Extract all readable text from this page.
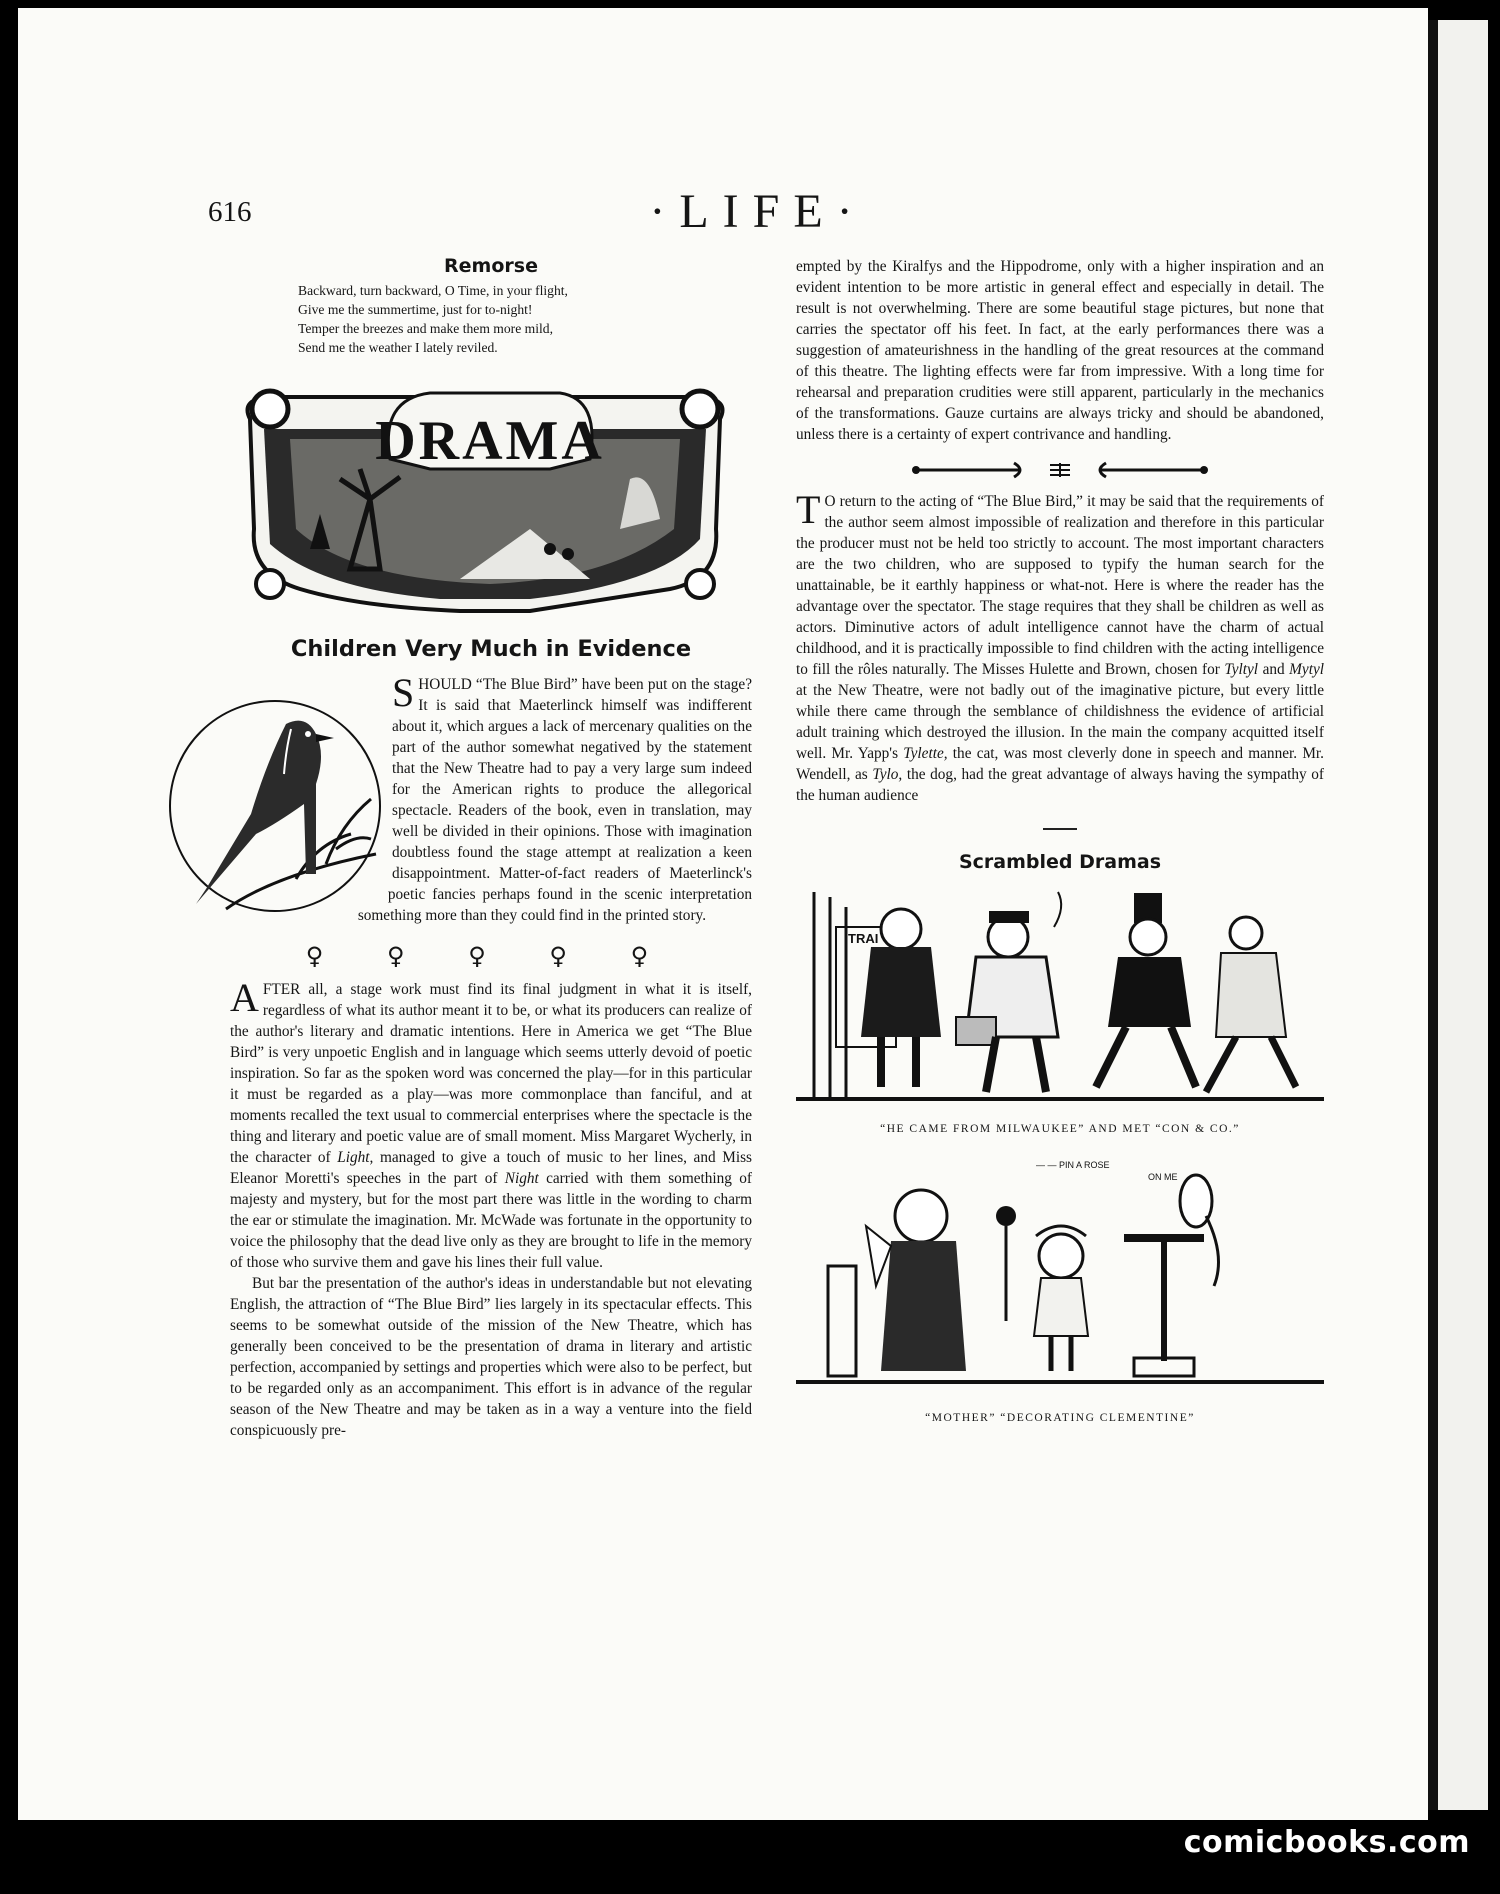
616	·LIFE·
Remorse
Backward, turn backward, O Time, in your flight,
Give me the summertime, just for to-night!
Temper the breezes and make them more mild,
Send me the weather I lately reviled.
DRAMA
Children Very Much in Evidence

SHOULD “The Blue Bird” have been put on the stage? It is said that Maeterlinck himself was indifferent about it, which argues a lack of mercenary qualities on the part of the author somewhat negatived by the statement that the New Theatre had to pay a very large sum indeed for the American rights to produce the allegorical spectacle. Readers of the book, even in translation, may well be divided in their opinions. Those with imagination doubtless found the stage attempt at realization a keen disappointment. Matter-of-fact readers of Maeterlinck's poetic fancies perhaps found in the scenic interpretation something more than they could find in the printed story.

♀ ♀ ♀ ♀ ♀

AFTER all, a stage work must find its final judgment in what it is itself, regardless of what its author meant it to be, or what its producers can realize of the author's literary and dramatic intentions. Here in America we get “The Blue Bird” is very unpoetic English and in language which seems utterly devoid of poetic inspiration. So far as the spoken word was concerned the play—for in this particular it must be regarded as a play—was more commonplace than fanciful, and at moments recalled the text usual to commercial enterprises where the spectacle is the thing and literary and poetic value are of small moment. Miss Margaret Wycherly, in the character of Light, managed to give a touch of music to her lines, and Miss Eleanor Moretti's speeches in the part of Night carried with them something of majesty and mystery, but for the most part there was little in the wording to charm the ear or stimulate the imagination. Mr. McWade was fortunate in the opportunity to voice the philosophy that the dead live only as they are brought to life in the memory of those who survive them and gave his lines their full value.

But bar the presentation of the author's ideas in understandable but not elevating English, the attraction of “The Blue Bird” lies largely in its spectacular effects. This seems to be somewhat outside of the mission of the New Theatre, which has generally been conceived to be the presentation of drama in literary and artistic perfection, accompanied by settings and properties which were also to be perfect, but to be regarded only as an accompaniment. This effort is in advance of the regular season of the New Theatre and may be taken as in a way a venture into the field conspicuously pre-

empted by the Kiralfys and the Hippodrome, only with a higher inspiration and an evident intention to be more artistic in general effect and especially in detail. The result is not overwhelming. There are some beautiful stage pictures, but none that carries the spectator off his feet. In fact, at the early performances there was a suggestion of amateurishness in the handling of the great resources at the command of this theatre. The lighting effects were far from impressive. With a long time for rehearsal and preparation crudities were still apparent, particularly in the mechanics of the transformations. Gauze curtains are always tricky and should be abandoned, unless there is a certainty of expert contrivance and handling.

T O return to the acting of “The Blue Bird,” it may be said that the requirements of the author seem almost impossible of realization and therefore in this particular the producer must not be held too strictly to account. The most important characters are the two children, who are supposed to typify the human search for the unattainable, be it earthly happiness or what-not. Here is where the reader has the advantage over the spectator. The stage requires that they shall be children as well as actors. Diminutive actors of adult intelligence cannot have the charm of actual childhood, and it is practically impossible to find children with the acting intelligence to fill the rôles naturally. The Misses Hulette and Brown, chosen for Tyltyl and Mytyl at the New Theatre, were not badly out of the imaginative picture, but every little while there came through the semblance of childishness the evidence of artificial adult training which destroyed the illusion. In the main the company acquitted itself well. Mr. Yapp's Tylette, the cat, was most cleverly done in speech and manner. Mr. Wendell, as Tylo, the dog, had the great advantage of always having the sympathy of the human audience

Scrambled Dramas
TRAI
“HE CAME FROM MILWAUKEE” AND MET “CON & CO.”
— — PIN A ROSE
ON ME
“MOTHER” “DECORATING CLEMENTINE”
comicbooks.com
